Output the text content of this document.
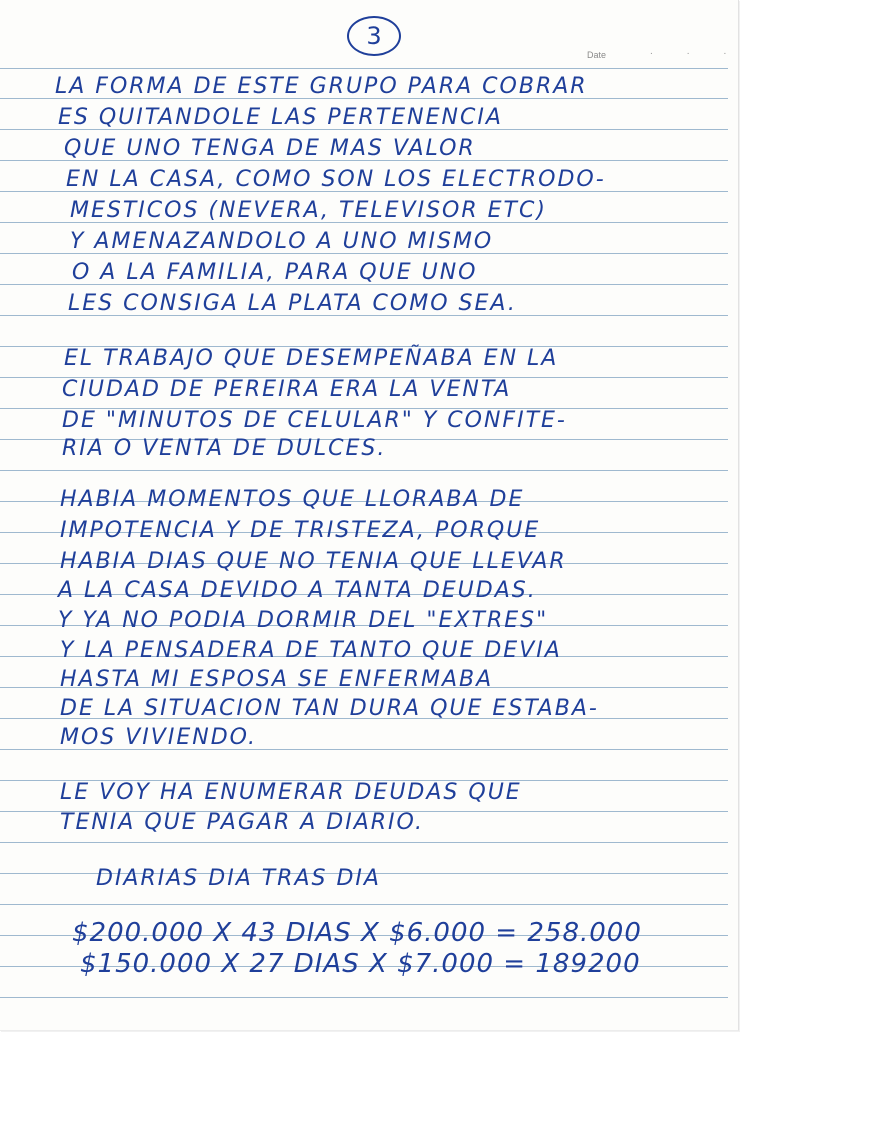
3
Date	...
LA FORMA DE ESTE GRUPO PARA COBRAR
ES QUITANDOLE LAS PERTENENCIA
QUE UNO TENGA DE MAS VALOR
EN LA CASA, COMO SON LOS ELECTRODO-
MESTICOS (NEVERA, TELEVISOR ETC)
Y AMENAZANDOLO A UNO MISMO
O A LA FAMILIA, PARA QUE UNO
LES CONSIGA LA PLATA COMO SEA.
EL TRABAJO QUE DESEMPEÑABA EN LA
CIUDAD DE PEREIRA ERA LA VENTA
DE "MINUTOS DE CELULAR" Y CONFITE-
RIA O VENTA DE DULCES.
HABIA MOMENTOS QUE LLORABA DE
IMPOTENCIA Y DE TRISTEZA, PORQUE
HABIA DIAS QUE NO TENIA QUE LLEVAR
A LA CASA DEVIDO A TANTA DEUDAS.
Y YA NO PODIA DORMIR DEL "EXTRES"
Y LA PENSADERA DE TANTO QUE DEVIA
HASTA MI ESPOSA SE ENFERMABA
DE LA SITUACION TAN DURA QUE ESTABA-
MOS VIVIENDO.
LE VOY HA ENUMERAR DEUDAS QUE
TENIA QUE PAGAR A DIARIO.
DIARIAS DIA TRAS DIA
$200.000 X 43 DIAS X $6.000 = 258.000
$150.000 X 27 DIAS X $7.000 = 189200
